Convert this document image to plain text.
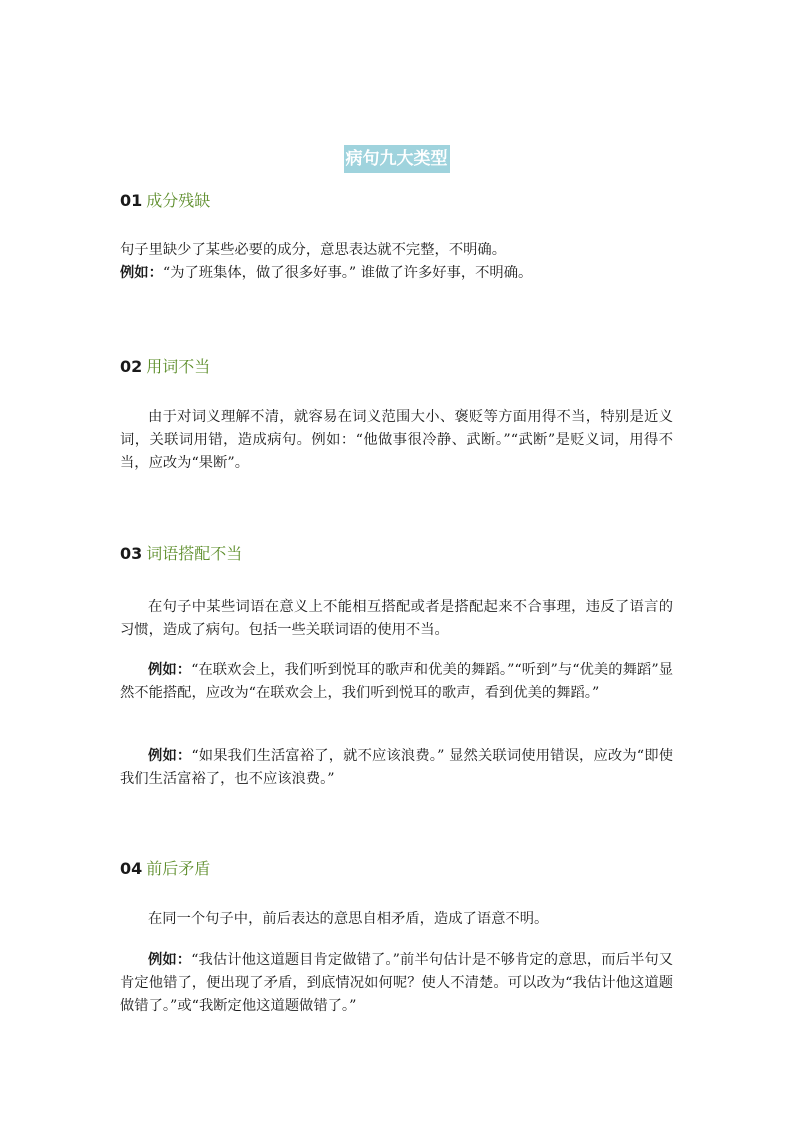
病句九大类型
01 成分残缺
句子里缺少了某些必要的成分，意思表达就不完整，不明确。
例如：“为了班集体，做了很多好事。” 谁做了许多好事，不明确。
02 用词不当
由于对词义理解不清，就容易在词义范围大小、褒贬等方面用得不当，特别是近义词，关联词用错，造成病句。例如：“他做事很冷静、武断。”“武断”是贬义词，用得不当，应改为“果断”。
03 词语搭配不当
在句子中某些词语在意义上不能相互搭配或者是搭配起来不合事理，违反了语言的习惯，造成了病句。包括一些关联词语的使用不当。
例如：“在联欢会上，我们听到悦耳的歌声和优美的舞蹈。”“听到”与“优美的舞蹈”显然不能搭配，应改为“在联欢会上，我们听到悦耳的歌声，看到优美的舞蹈。”
例如：“如果我们生活富裕了，就不应该浪费。” 显然关联词使用错误，应改为“即使我们生活富裕了，也不应该浪费。”
04 前后矛盾
在同一个句子中，前后表达的意思自相矛盾，造成了语意不明。
例如：“我估计他这道题目肯定做错了。”前半句估计是不够肯定的意思，而后半句又肯定他错了，便出现了矛盾，到底情况如何呢？使人不清楚。可以改为“我估计他这道题做错了。”或“我断定他这道题做错了。”
